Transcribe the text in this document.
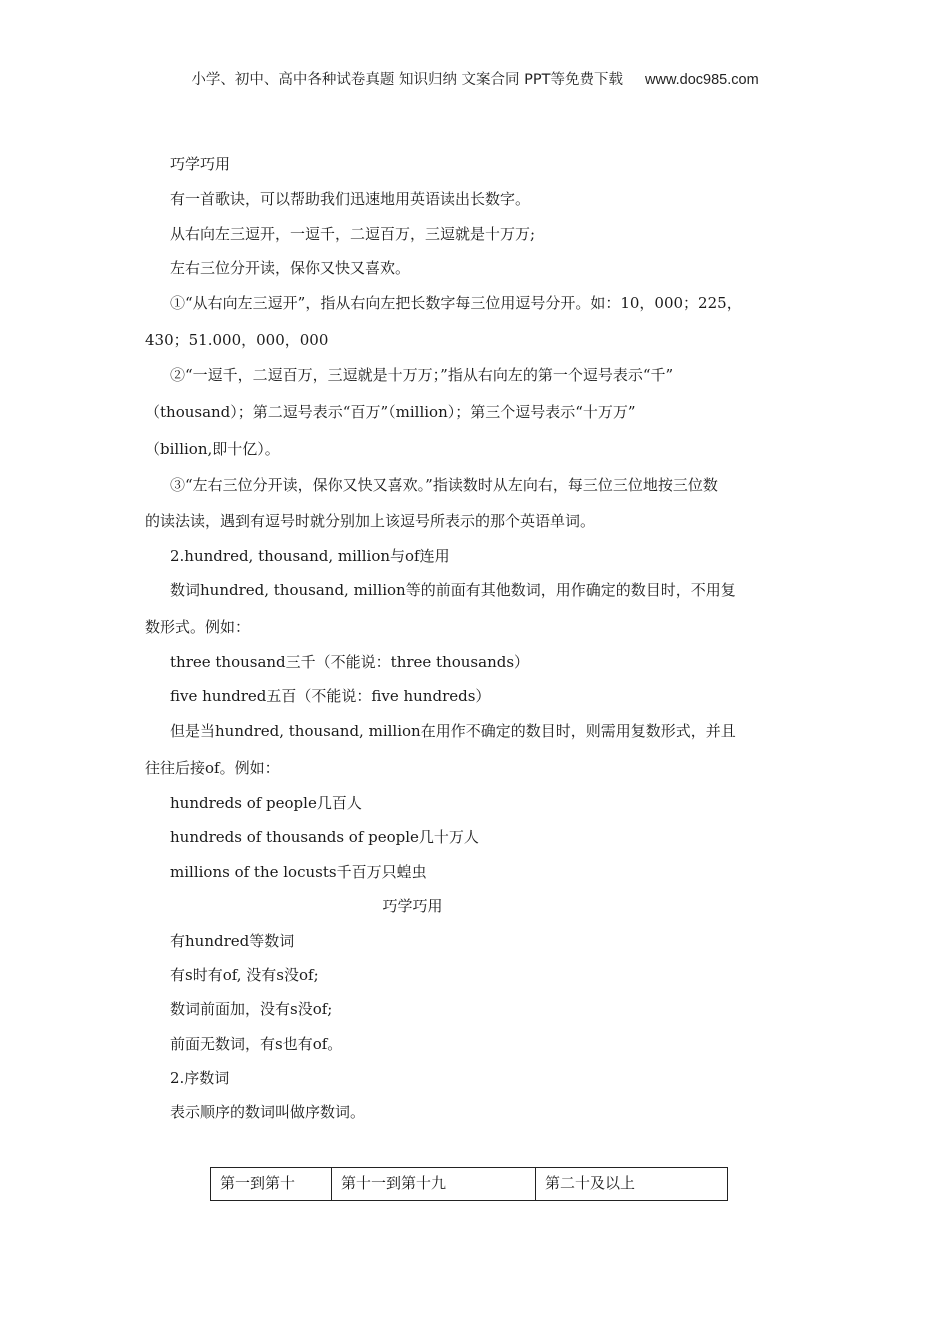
小学、初中、高中各种试卷真题 知识归纳 文案合同 PPT等免费下载 www.doc985.com
巧学巧用
有一首歌诀，可以帮助我们迅速地用英语读出长数字。
从右向左三逗开，一逗千，二逗百万，三逗就是十万万;
左右三位分开读，保你又快又喜欢。
①“从右向左三逗开”，指从右向左把长数字每三位用逗号分开。如：10，000；225，
430；51.000，000，000
②“一逗千，二逗百万，三逗就是十万万；”指从右向左的第一个逗号表示“千”
（thousand）；第二逗号表示“百万”（million）；第三个逗号表示“十万万”
（billion,即十亿）。
③“左右三位分开读，保你又快又喜欢。”指读数时从左向右，每三位三位地按三位数
的读法读，遇到有逗号时就分别加上该逗号所表示的那个英语单词。
2.hundred, thousand, million与of连用
数词hundred, thousand, million等的前面有其他数词，用作确定的数目时，不用复
数形式。例如：
three thousand三千（不能说：three thousands）
five hundred五百（不能说：five hundreds）
但是当hundred, thousand, million在用作不确定的数目时，则需用复数形式，并且
往往后接of。例如：
hundreds of people几百人
hundreds of thousands of people几十万人
millions of the locusts千百万只蝗虫
巧学巧用
有hundred等数词
有s时有of, 没有s没of;
数词前面加，没有s没of;
前面无数词，有s也有of。
2.序数词
表示顺序的数词叫做序数词。
第一到第十	第十一到第十九	第二十及以上
